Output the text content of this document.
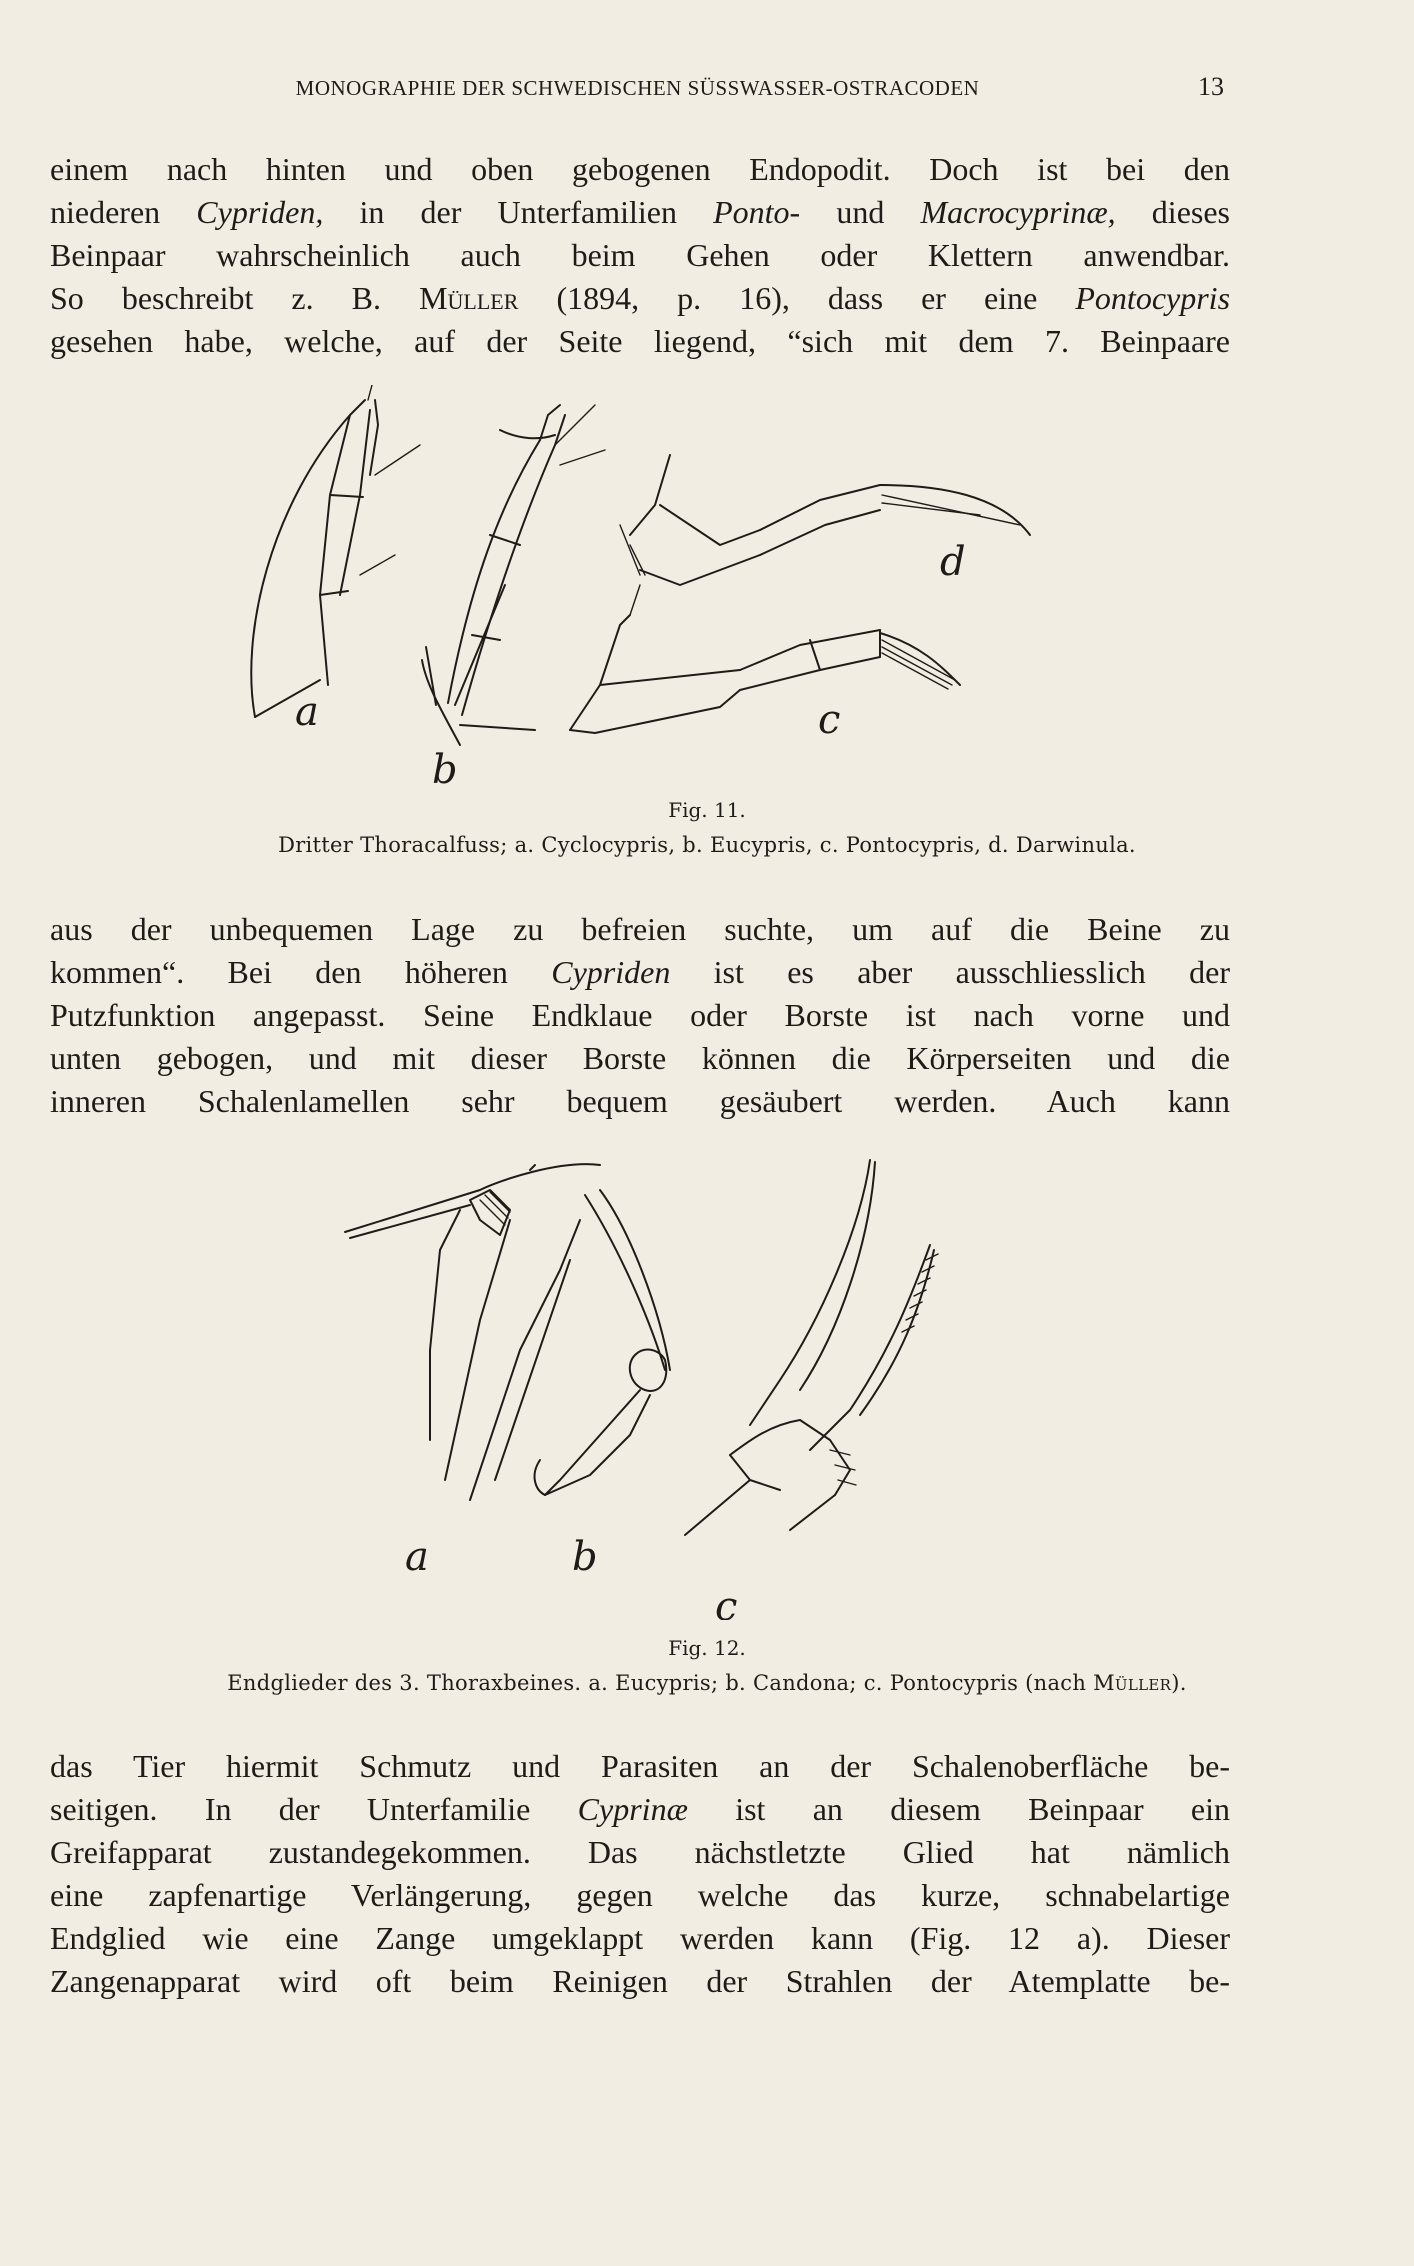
MONOGRAPHIE DER SCHWEDISCHEN SÜSSWASSER-OSTRACODEN	13
einem nach hinten und oben gebogenen Endopodit. Doch ist bei den
niederen Cypriden, in der Unterfamilien Ponto- und Macrocyprinæ, dieses
Beinpaar wahrscheinlich auch beim Gehen oder Klettern anwendbar.
So beschreibt z. B. Müller (1894, p. 16), dass er eine Pontocypris
gesehen habe, welche, auf der Seite liegend, “sich mit dem 7. Beinpaare
a
b
c
d
Fig. 11.
Dritter Thoracalfuss; a. Cyclocypris, b. Eucypris, c. Pontocypris, d. Darwinula.
aus der unbequemen Lage zu befreien suchte, um auf die Beine zu
kommen“. Bei den höheren Cypriden ist es aber ausschliesslich der
Putzfunktion angepasst. Seine Endklaue oder Borste ist nach vorne und
unten gebogen, und mit dieser Borste können die Körperseiten und die
inneren Schalenlamellen sehr bequem gesäubert werden. Auch kann
a	b
c
Fig. 12.
Endglieder des 3. Thoraxbeines. a. Eucypris; b. Candona; c. Pontocypris (nach Müller).
das Tier hiermit Schmutz und Parasiten an der Schalenoberfläche be-
seitigen. In der Unterfamilie Cyprinæ ist an diesem Beinpaar ein
Greifapparat zustandegekommen. Das nächstletzte Glied hat nämlich
eine zapfenartige Verlängerung, gegen welche das kurze, schnabelartige
Endglied wie eine Zange umgeklappt werden kann (Fig. 12 a). Dieser
Zangenapparat wird oft beim Reinigen der Strahlen der Atemplatte be-
